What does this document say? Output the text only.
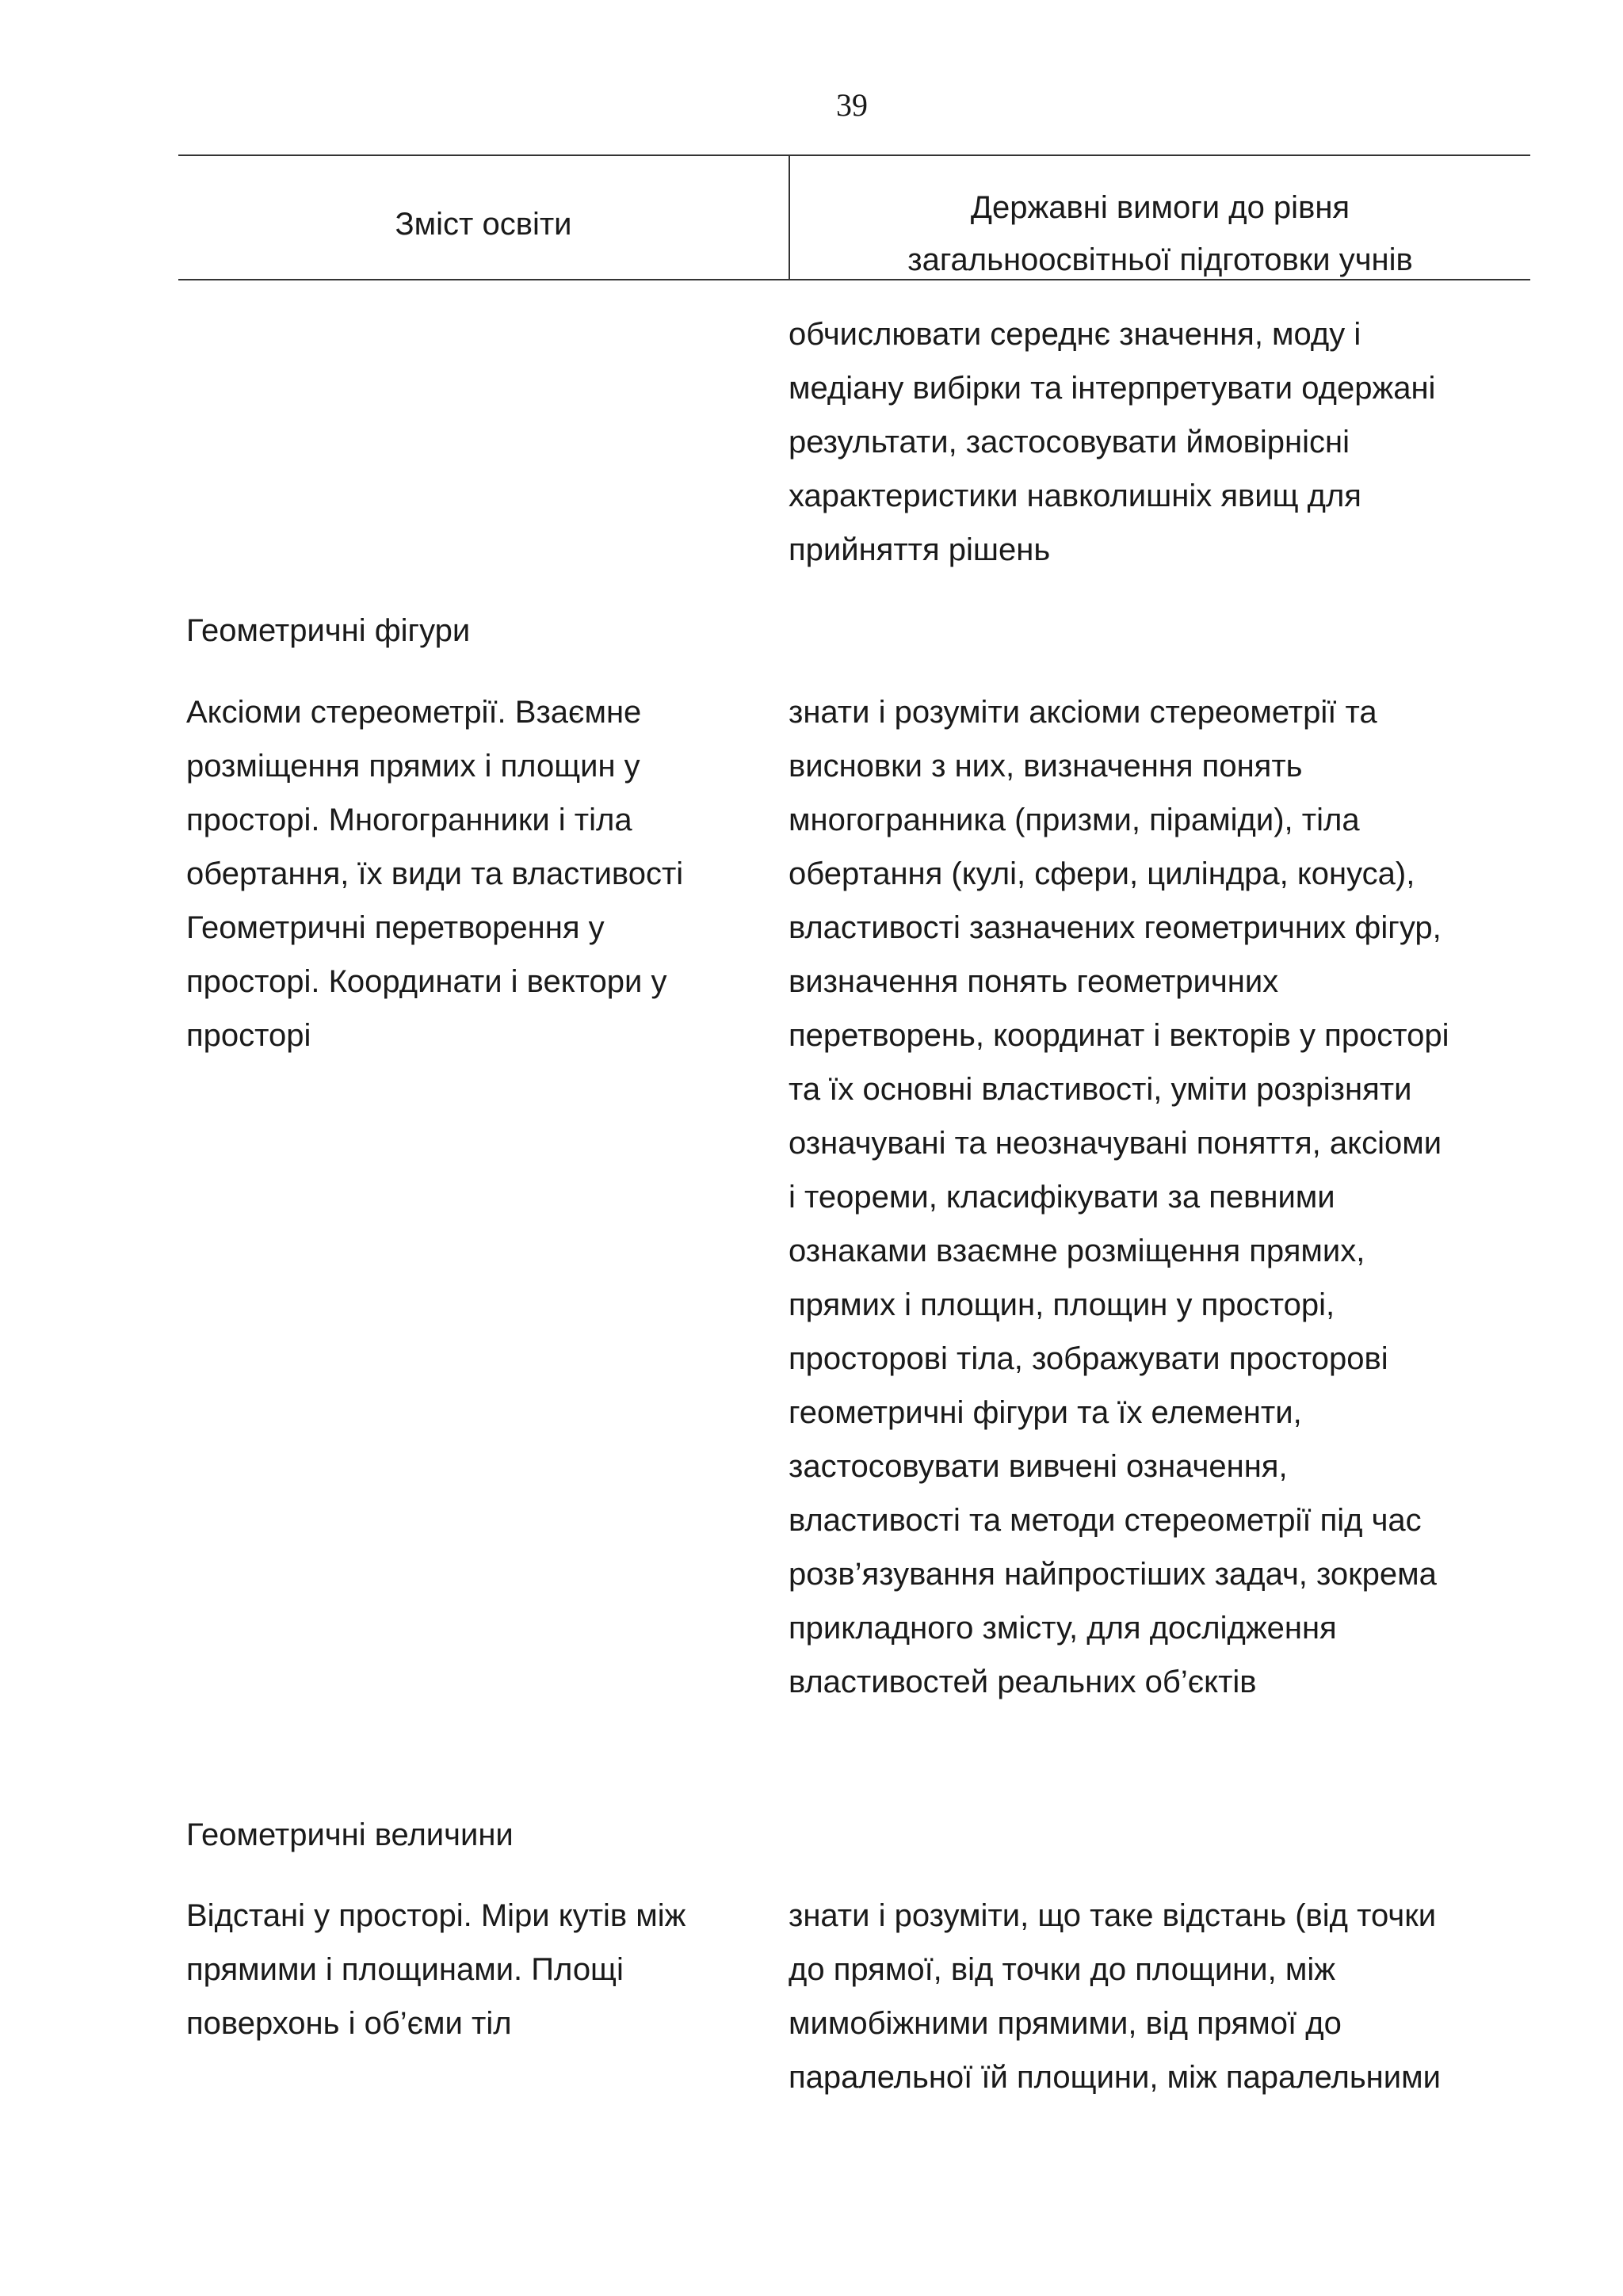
39
Зміст освіти	Державні вимоги до рівня
загальноосвітньої підготовки учнів
обчислювати середнє значення, моду і
медіану вибірки та інтерпретувати одержані
результати, застосовувати ймовірнісні
характеристики навколишніх явищ для
прийняття рішень
Геометричні фігури
Аксіоми стереометрії. Взаємне
розміщення прямих і площин у
просторі. Многогранники і тіла
обертання, їх види та властивості
Геометричні перетворення у
просторі. Координати і вектори у
просторі
знати і розуміти аксіоми стереометрії та
висновки з них, визначення понять
многогранника (призми, піраміди), тіла
обертання (кулі, сфери, циліндра, конуса),
властивості зазначених геометричних фігур,
визначення понять геометричних
перетворень, координат і векторів у просторі
та їх основні властивості, уміти розрізняти
означувані та неозначувані поняття, аксіоми
і теореми, класифікувати за певними
ознаками взаємне розміщення прямих,
прямих і площин, площин у просторі,
просторові тіла, зображувати просторові
геометричні фігури та їх елементи,
застосовувати вивчені означення,
властивості та методи стереометрії під час
розв’язування найпростіших задач, зокрема
прикладного змісту, для дослідження
властивостей реальних об’єктів
Геометричні величини
Відстані у просторі. Міри кутів між
прямими і площинами. Площі
поверхонь і об’єми тіл
знати і розуміти, що таке відстань (від точки
до прямої, від точки до площини, між
мимобіжними прямими, від прямої до
паралельної їй площини, між паралельними
